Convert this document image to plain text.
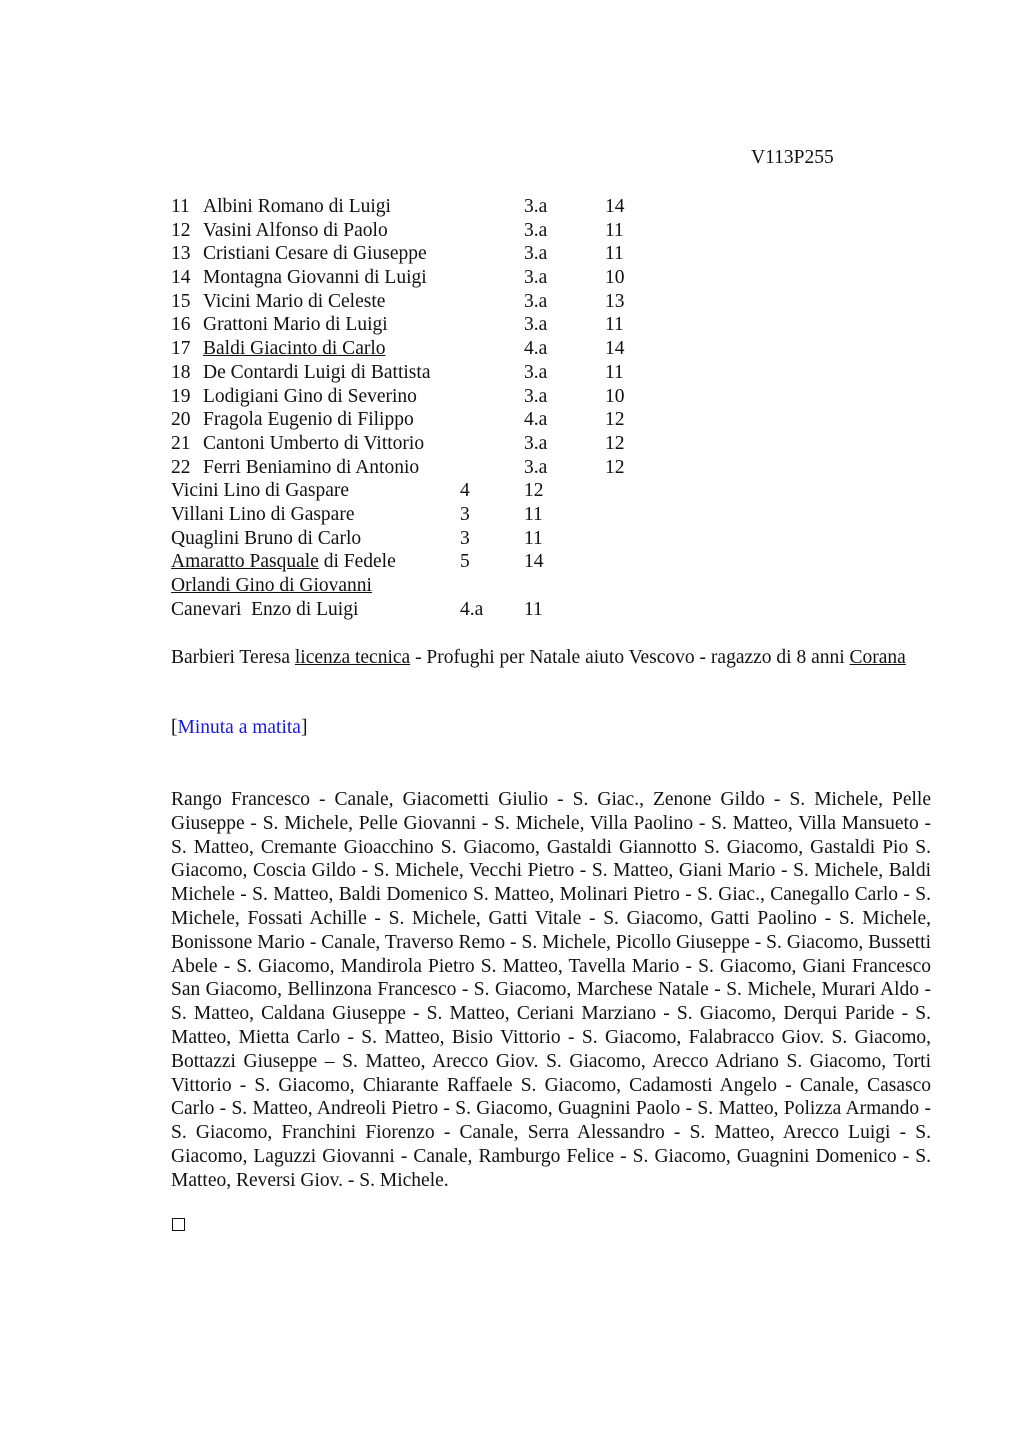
V113P255
11 Albini Romano di Luigi	3.a	14
12 Vasini Alfonso di Paolo	3.a	11
13 Cristiani Cesare di Giuseppe	3.a	11
14 Montagna Giovanni di Luigi	3.a	10
15 Vicini Mario di Celeste	3.a	13
16 Grattoni Mario di Luigi	3.a	11
17 Baldi Giacinto di Carlo	4.a	14
18 De Contardi Luigi di Battista	3.a	11
19 Lodigiani Gino di Severino	3.a	10
20 Fragola Eugenio di Filippo	4.a	12
21 Cantoni Umberto di Vittorio	3.a	12
22 Ferri Beniamino di Antonio	3.a	12
Vicini Lino di Gaspare	4	12
Villani Lino di Gaspare	3	11
Quaglini Bruno di Carlo	3	11
Amaratto Pasquale di Fedele	5	14
Orlandi Gino di Giovanni
Canevari  Enzo di Luigi	4.a 11
Barbieri Teresa licenza tecnica - Profughi per Natale aiuto Vescovo - ragazzo di 8 anni Corana
[Minuta a matita]

Rango Francesco - Canale, Giacometti Giulio - S. Giac., Zenone Gildo - S. Michele, Pelle Giuseppe - S. Michele, Pelle Giovanni - S. Michele, Villa Paolino - S. Matteo, Villa Mansueto - S. Matteo, Cremante Gioacchino S. Giacomo, Gastaldi Giannotto S. Giacomo, Gastaldi Pio S. Giacomo, Coscia Gildo - S. Michele, Vecchi Pietro - S. Matteo, Giani Mario - S. Michele, Baldi Michele - S. Matteo, Baldi Domenico S. Matteo, Molinari Pietro - S. Giac., Canegallo Carlo - S. Michele, Fossati Achille - S. Michele, Gatti Vitale - S. Giacomo, Gatti Paolino - S. Michele, Bonissone Mario - Canale, Traverso Remo - S. Michele, Picollo Giuseppe - S. Giacomo, Bussetti Abele - S. Giacomo, Mandirola Pietro S. Matteo, Tavella Mario - S. Giacomo, Giani Francesco San Giacomo, Bellinzona Francesco - S. Giacomo, Marchese Natale - S. Michele, Murari Aldo - S. Matteo, Caldana Giuseppe - S. Matteo, Ceriani Marziano - S. Giacomo, Derqui Paride - S. Matteo, Mietta Carlo - S. Matteo, Bisio Vittorio - S. Giacomo, Falabracco Giov. S. Giacomo, Bottazzi Giuseppe – S. Matteo, Arecco Giov. S. Giacomo, Arecco Adriano S. Giacomo, Torti Vittorio - S. Giacomo, Chiarante Raffaele S. Giacomo, Cadamosti Angelo - Canale, Casasco Carlo - S. Matteo, Andreoli Pietro - S. Giacomo, Guagnini Paolo - S. Matteo, Polizza Armando - S. Giacomo, Franchini Fiorenzo - Canale, Serra Alessandro - S. Matteo, Arecco Luigi - S. Giacomo, Laguzzi Giovanni - Canale, Ramburgo Felice - S. Giacomo, Guagnini Domenico - S. Matteo, Reversi Giov. - S. Michele.
